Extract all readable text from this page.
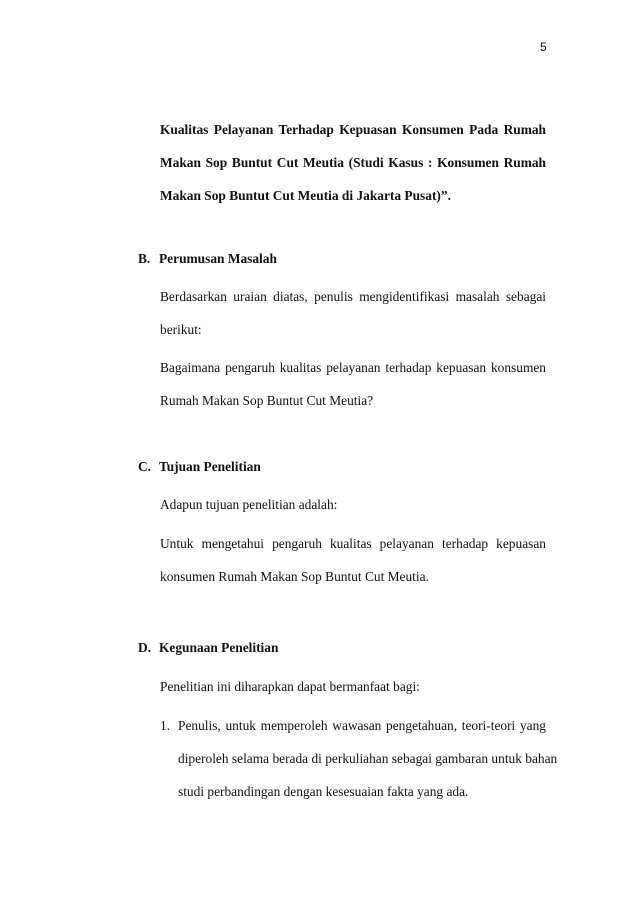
5
Kualitas Pelayanan Terhadap Kepuasan Konsumen Pada Rumah
Makan Sop Buntut Cut Meutia (Studi Kasus : Konsumen Rumah
Makan Sop Buntut Cut Meutia di Jakarta Pusat)”.
B. Perumusan Masalah
Berdasarkan uraian diatas, penulis mengidentifikasi masalah sebagai
berikut:
Bagaimana pengaruh kualitas pelayanan terhadap kepuasan konsumen
Rumah Makan Sop Buntut Cut Meutia?
C. Tujuan Penelitian
Adapun tujuan penelitian adalah:
Untuk mengetahui pengaruh kualitas pelayanan terhadap kepuasan
konsumen Rumah Makan Sop Buntut Cut Meutia.
D. Kegunaan Penelitian
Penelitian ini diharapkan dapat bermanfaat bagi:
1. Penulis, untuk memperoleh wawasan pengetahuan, teori-teori yang
diperoleh selama berada di perkuliahan sebagai gambaran untuk bahan
studi perbandingan dengan kesesuaian fakta yang ada.
